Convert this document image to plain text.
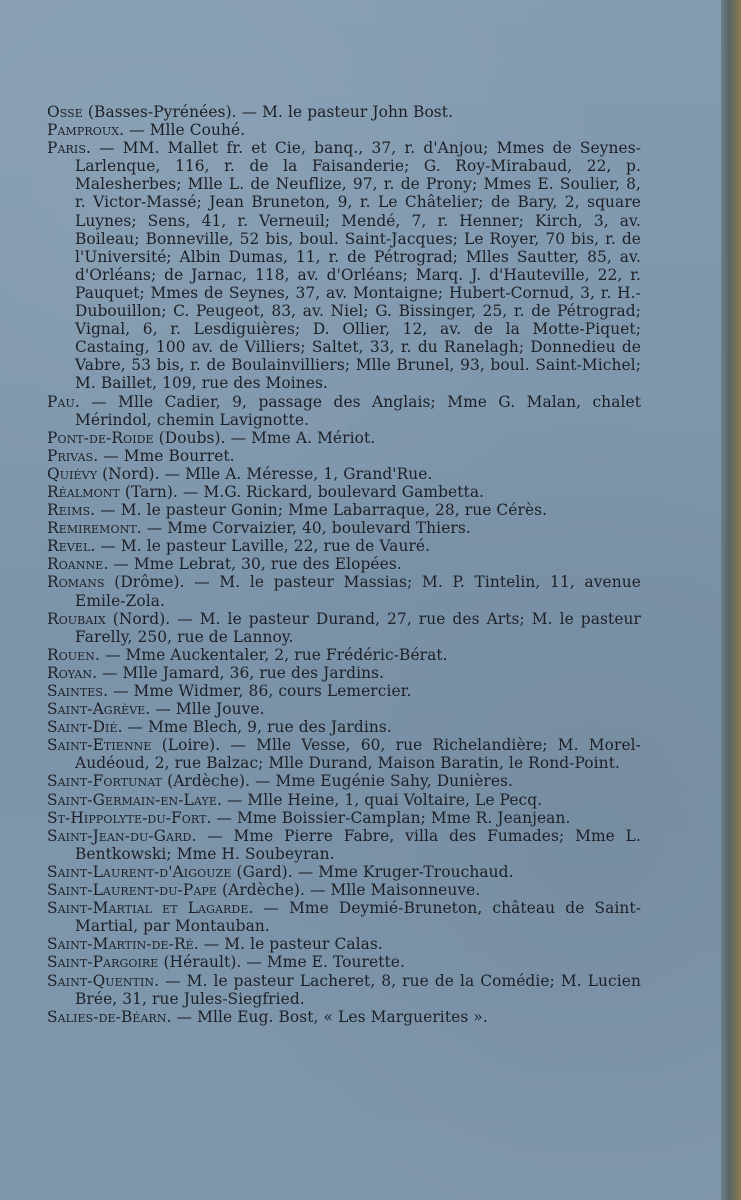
Osse (Basses-Pyrénées). — M. le pasteur John Bost.

Pamproux. — Mlle Couhé.

Paris. — MM. Mallet fr. et Cie, banq., 37, r. d'Anjou; Mmes de Seynes-Larlenque, 116, r. de la Faisanderie; G. Roy-Mirabaud, 22, p. Malesherbes; Mlle L. de Neuflize, 97, r. de Prony; Mmes E. Soulier, 8, r. Victor-Massé; Jean Bruneton, 9, r. Le Châtelier; de Bary, 2, square Luynes; Sens, 41, r. Verneuil; Mendé, 7, r. Henner; Kirch, 3, av. Boileau; Bonneville, 52 bis, boul. Saint-Jacques; Le Royer, 70 bis, r. de l'Université; Albin Dumas, 11, r. de Pétrograd; Mlles Sautter, 85, av. d'Orléans; de Jarnac, 118, av. d'Orléans; Marq. J. d'Hauteville, 22, r. Pauquet; Mmes de Seynes, 37, av. Montaigne; Hubert-Cornud, 3, r. H.-Dubouillon; C. Peugeot, 83, av. Niel; G. Bissinger, 25, r. de Pétrograd; Vignal, 6, r. Lesdiguières; D. Ollier, 12, av. de la Motte-Piquet; Castaing, 100 av. de Villiers; Saltet, 33, r. du Ranelagh; Donnedieu de Vabre, 53 bis, r. de Boulainvilliers; Mlle Brunel, 93, boul. Saint-Michel; M. Baillet, 109, rue des Moines.

Pau. — Mlle Cadier, 9, passage des Anglais; Mme G. Malan, chalet Mérindol, chemin Lavignotte.

Pont-de-Roide (Doubs). — Mme A. Mériot.

Privas. — Mme Bourret.

Quiévy (Nord). — Mlle A. Méresse, 1, Grand'Rue.

Réalmont (Tarn). — M.G. Rickard, boulevard Gambetta.

Reims. — M. le pasteur Gonin; Mme Labarraque, 28, rue Cérès.

Remiremont. — Mme Corvaizier, 40, boulevard Thiers.

Revel. — M. le pasteur Laville, 22, rue de Vauré.

Roanne. — Mme Lebrat, 30, rue des Elopées.

Romans (Drôme). — M. le pasteur Massias; M. P. Tintelin, 11, avenue Emile-Zola.

Roubaix (Nord). — M. le pasteur Durand, 27, rue des Arts; M. le pasteur Farelly, 250, rue de Lannoy.

Rouen. — Mme Auckentaler, 2, rue Frédéric-Bérat.

Royan. — Mlle Jamard, 36, rue des Jardins.

Saintes. — Mme Widmer, 86, cours Lemercier.

Saint-Agrève. — Mlle Jouve.

Saint-Dié. — Mme Blech, 9, rue des Jardins.

Saint-Etienne (Loire). — Mlle Vesse, 60, rue Richelandière; M. Morel-Audéoud, 2, rue Balzac; Mlle Durand, Maison Baratin, le Rond-Point.

Saint-Fortunat (Ardèche). — Mme Eugénie Sahy, Dunières.

Saint-Germain-en-Laye. — Mlle Heine, 1, quai Voltaire, Le Pecq.

St-Hippolyte-du-Fort. — Mme Boissier-Camplan; Mme R. Jeanjean.

Saint-Jean-du-Gard. — Mme Pierre Fabre, villa des Fumades; Mme L. Bentkowski; Mme H. Soubeyran.

Saint-Laurent-d'Aigouze (Gard). — Mme Kruger-Trouchaud.

Saint-Laurent-du-Pape (Ardèche). — Mlle Maisonneuve.

Saint-Martial et Lagarde. — Mme Deymié-Bruneton, château de Saint-Martial, par Montauban.

Saint-Martin-de-Ré. — M. le pasteur Calas.

Saint-Pargoire (Hérault). — Mme E. Tourette.

Saint-Quentin. — M. le pasteur Lacheret, 8, rue de la Comédie; M. Lucien Brée, 31, rue Jules-Siegfried.

Salies-de-Béarn. — Mlle Eug. Bost, « Les Marguerites ».
